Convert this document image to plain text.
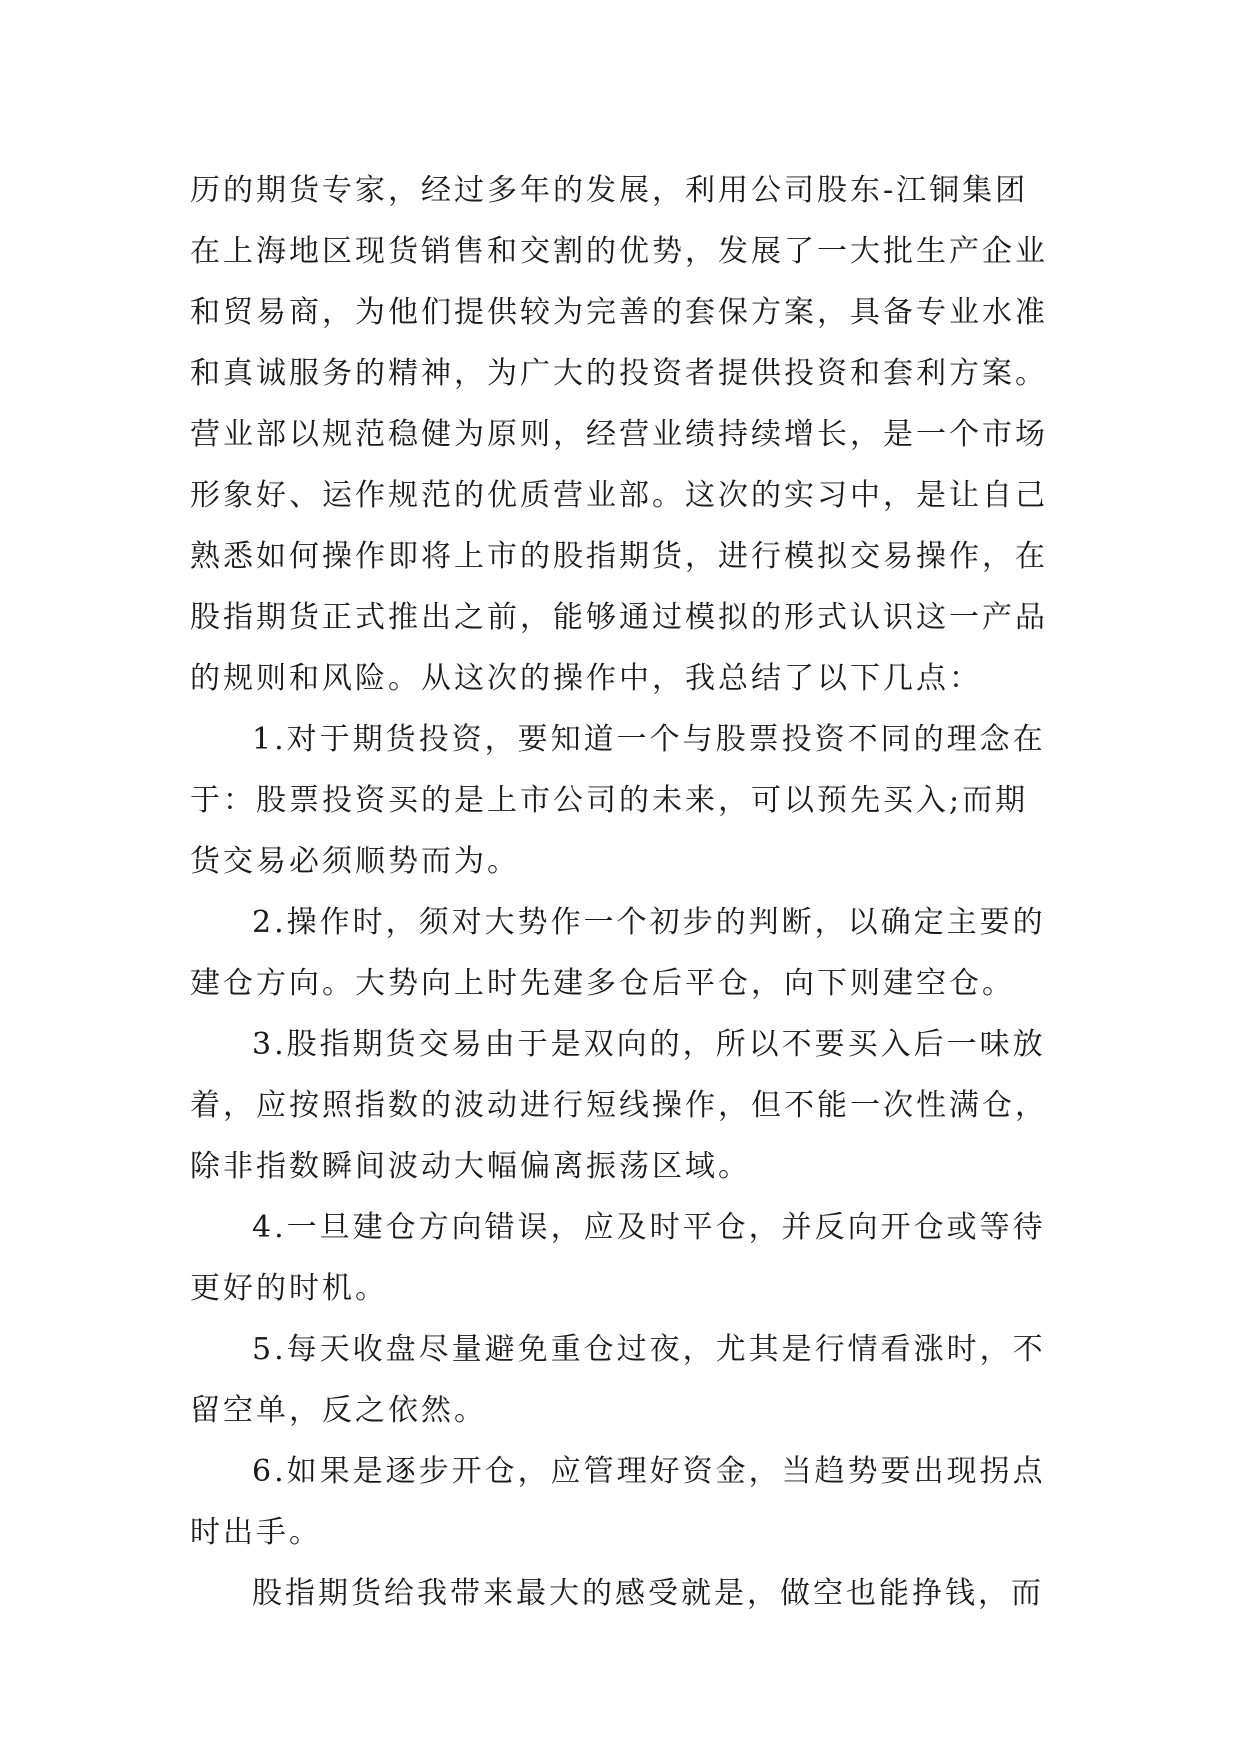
历的期货专家，经过多年的发展，利用公司股东-江铜集团
在上海地区现货销售和交割的优势，发展了一大批生产企业
和贸易商，为他们提供较为完善的套保方案，具备专业水准
和真诚服务的精神，为广大的投资者提供投资和套利方案。
营业部以规范稳健为原则，经营业绩持续增长，是一个市场
形象好、运作规范的优质营业部。这次的实习中，是让自己
熟悉如何操作即将上市的股指期货，进行模拟交易操作，在
股指期货正式推出之前，能够通过模拟的形式认识这一产品
的规则和风险。从这次的操作中，我总结了以下几点：
1.对于期货投资，要知道一个与股票投资不同的理念在
于：股票投资买的是上市公司的未来，可以预先买入;而期
货交易必须顺势而为。
2.操作时，须对大势作一个初步的判断，以确定主要的
建仓方向。大势向上时先建多仓后平仓，向下则建空仓。
3.股指期货交易由于是双向的，所以不要买入后一味放
着，应按照指数的波动进行短线操作，但不能一次性满仓，
除非指数瞬间波动大幅偏离振荡区域。
4.一旦建仓方向错误，应及时平仓，并反向开仓或等待
更好的时机。
5.每天收盘尽量避免重仓过夜，尤其是行情看涨时，不
留空单，反之依然。
6.如果是逐步开仓，应管理好资金，当趋势要出现拐点
时出手。
股指期货给我带来最大的感受就是，做空也能挣钱，而
